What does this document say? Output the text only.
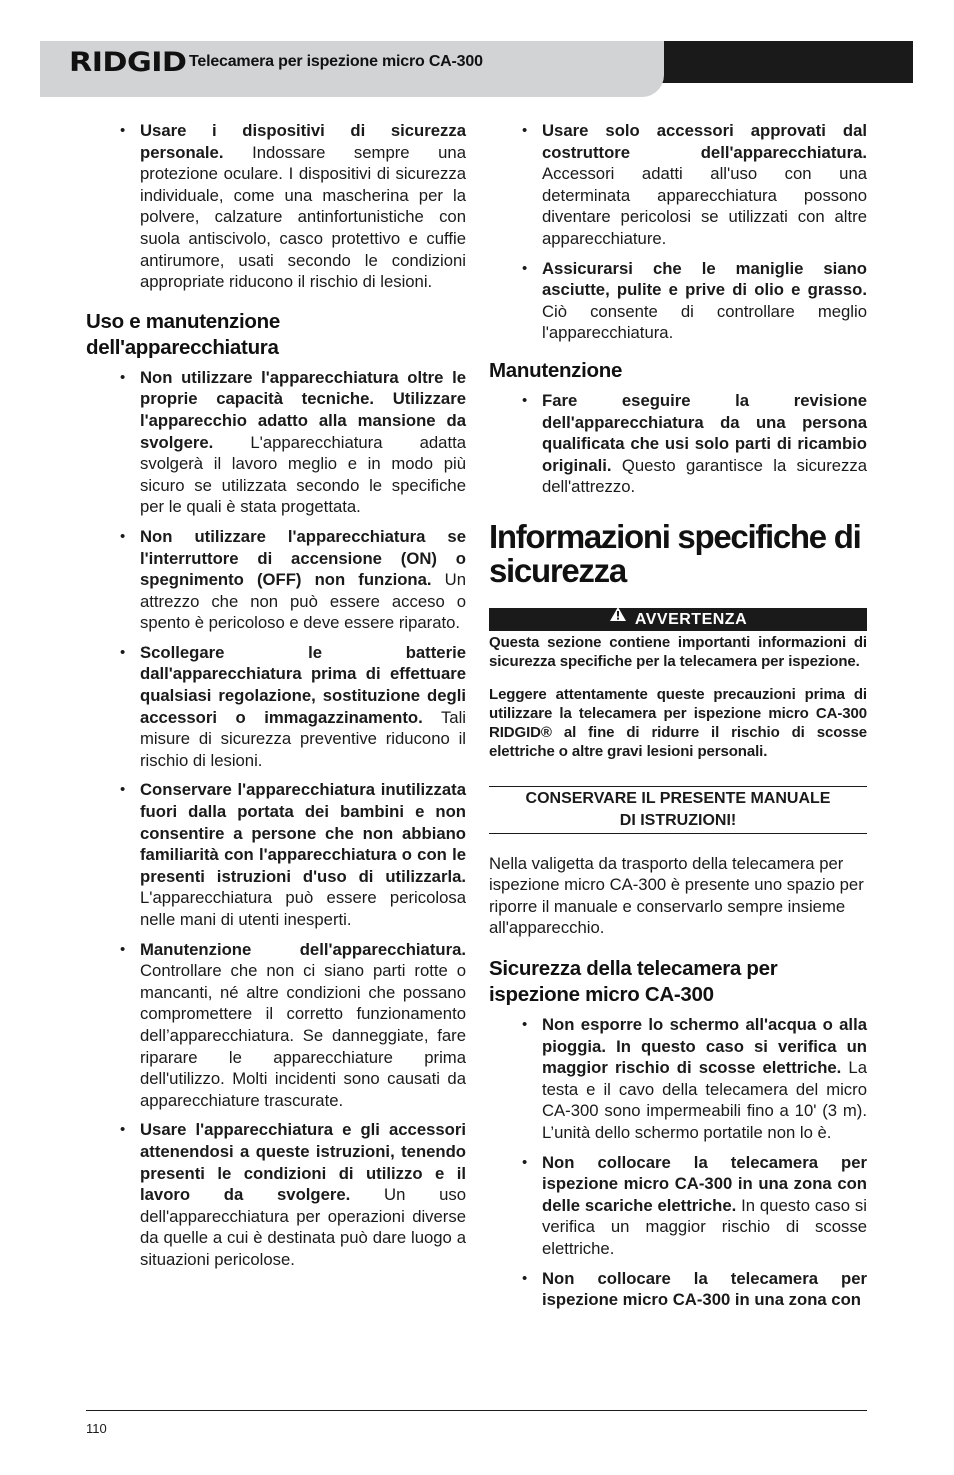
RIDGID Telecamera per ispezione micro CA-300
• Usare i dispositivi di sicurezza personale. Indossare sempre una protezione oculare. I dispositivi di sicurezza individuale, come una mascherina per la polvere, calzature antinfortunistiche con suola antiscivolo, casco protettivo e cuffie antirumore, usati secondo le condizioni appropriate riducono il rischio di lesioni.
Uso e manutenzione dell'apparecchiatura
• Non utilizzare l'apparecchiatura oltre le proprie capacità tecniche. Utilizzare l'apparecchio adatto alla mansione da svolgere. L'apparecchiatura adatta svolgerà il lavoro meglio e in modo più sicuro se utilizzata secondo le specifiche per le quali è stata progettata.
• Non utilizzare l'apparecchiatura se l'interruttore di accensione (ON) o spegnimento (OFF) non funziona. Un attrezzo che non può essere acceso o spento è pericoloso e deve essere riparato.
• Scollegare le batterie dall'apparecchiatura prima di effettuare qualsiasi regolazione, sostituzione degli accessori o immagazzinamento. Tali misure di sicurezza preventive riducono il rischio di lesioni.
• Conservare l'apparecchiatura inutilizzata fuori dalla portata dei bambini e non consentire a persone che non abbiano familiarità con l'apparecchiatura o con le presenti istruzioni d'uso di utilizzarla. L'apparecchiatura può essere pericolosa nelle mani di utenti inesperti.
• Manutenzione dell'apparecchiatura. Controllare che non ci siano parti rotte o mancanti, né altre condizioni che possano compromettere il corretto funzionamento dell’apparecchiatura. Se danneggiate, fare riparare le apparecchiature prima dell'utilizzo. Molti incidenti sono causati da apparecchiature trascurate.
• Usare l'apparecchiatura e gli accessori attenendosi a queste istruzioni, tenendo presenti le condizioni di utilizzo e il lavoro da svolgere. Un uso dell'apparecchiatura per operazioni diverse da quelle a cui è destinata può dare luogo a situazioni pericolose.
• Usare solo accessori approvati dal costruttore dell'apparecchiatura. Accessori adatti all'uso con una determinata apparecchiatura possono diventare pericolosi se utilizzati con altre apparecchiature.
• Assicurarsi che le maniglie siano asciutte, pulite e prive di olio e grasso. Ciò consente di controllare meglio l'apparecchiatura.
Manutenzione
• Fare eseguire la revisione dell'apparecchiatura da una persona qualificata che usi solo parti di ricambio originali. Questo garantisce la sicurezza dell'attrezzo.
Informazioni specifiche di sicurezza
AVVERTENZA

Questa sezione contiene importanti informazioni di sicurezza specifiche per la telecamera per ispezione.

Leggere attentamente queste precauzioni prima di utilizzare la telecamera per ispezione micro CA-300 RIDGID® al fine di ridurre il rischio di scosse elettriche o altre gravi lesioni personali.

CONSERVARE IL PRESENTE MANUALE
DI ISTRUZIONI!

Nella valigetta da trasporto della telecamera per ispezione micro CA-300 è presente uno spazio per riporre il manuale e conservarlo sempre insieme all'apparecchio.

Sicurezza della telecamera per ispezione micro CA-300
• Non esporre lo schermo all'acqua o alla pioggia. In questo caso si verifica un maggior rischio di scosse elettriche. La testa e il cavo della telecamera del micro CA-300 sono impermeabili fino a 10' (3 m). L’unità dello schermo portatile non lo è.
• Non collocare la telecamera per ispezione micro CA-300 in una zona con delle scariche elettriche. In questo caso si verifica un maggior rischio di scosse elettriche.
• Non collocare la telecamera per ispezione micro CA-300 in una zona con
110
